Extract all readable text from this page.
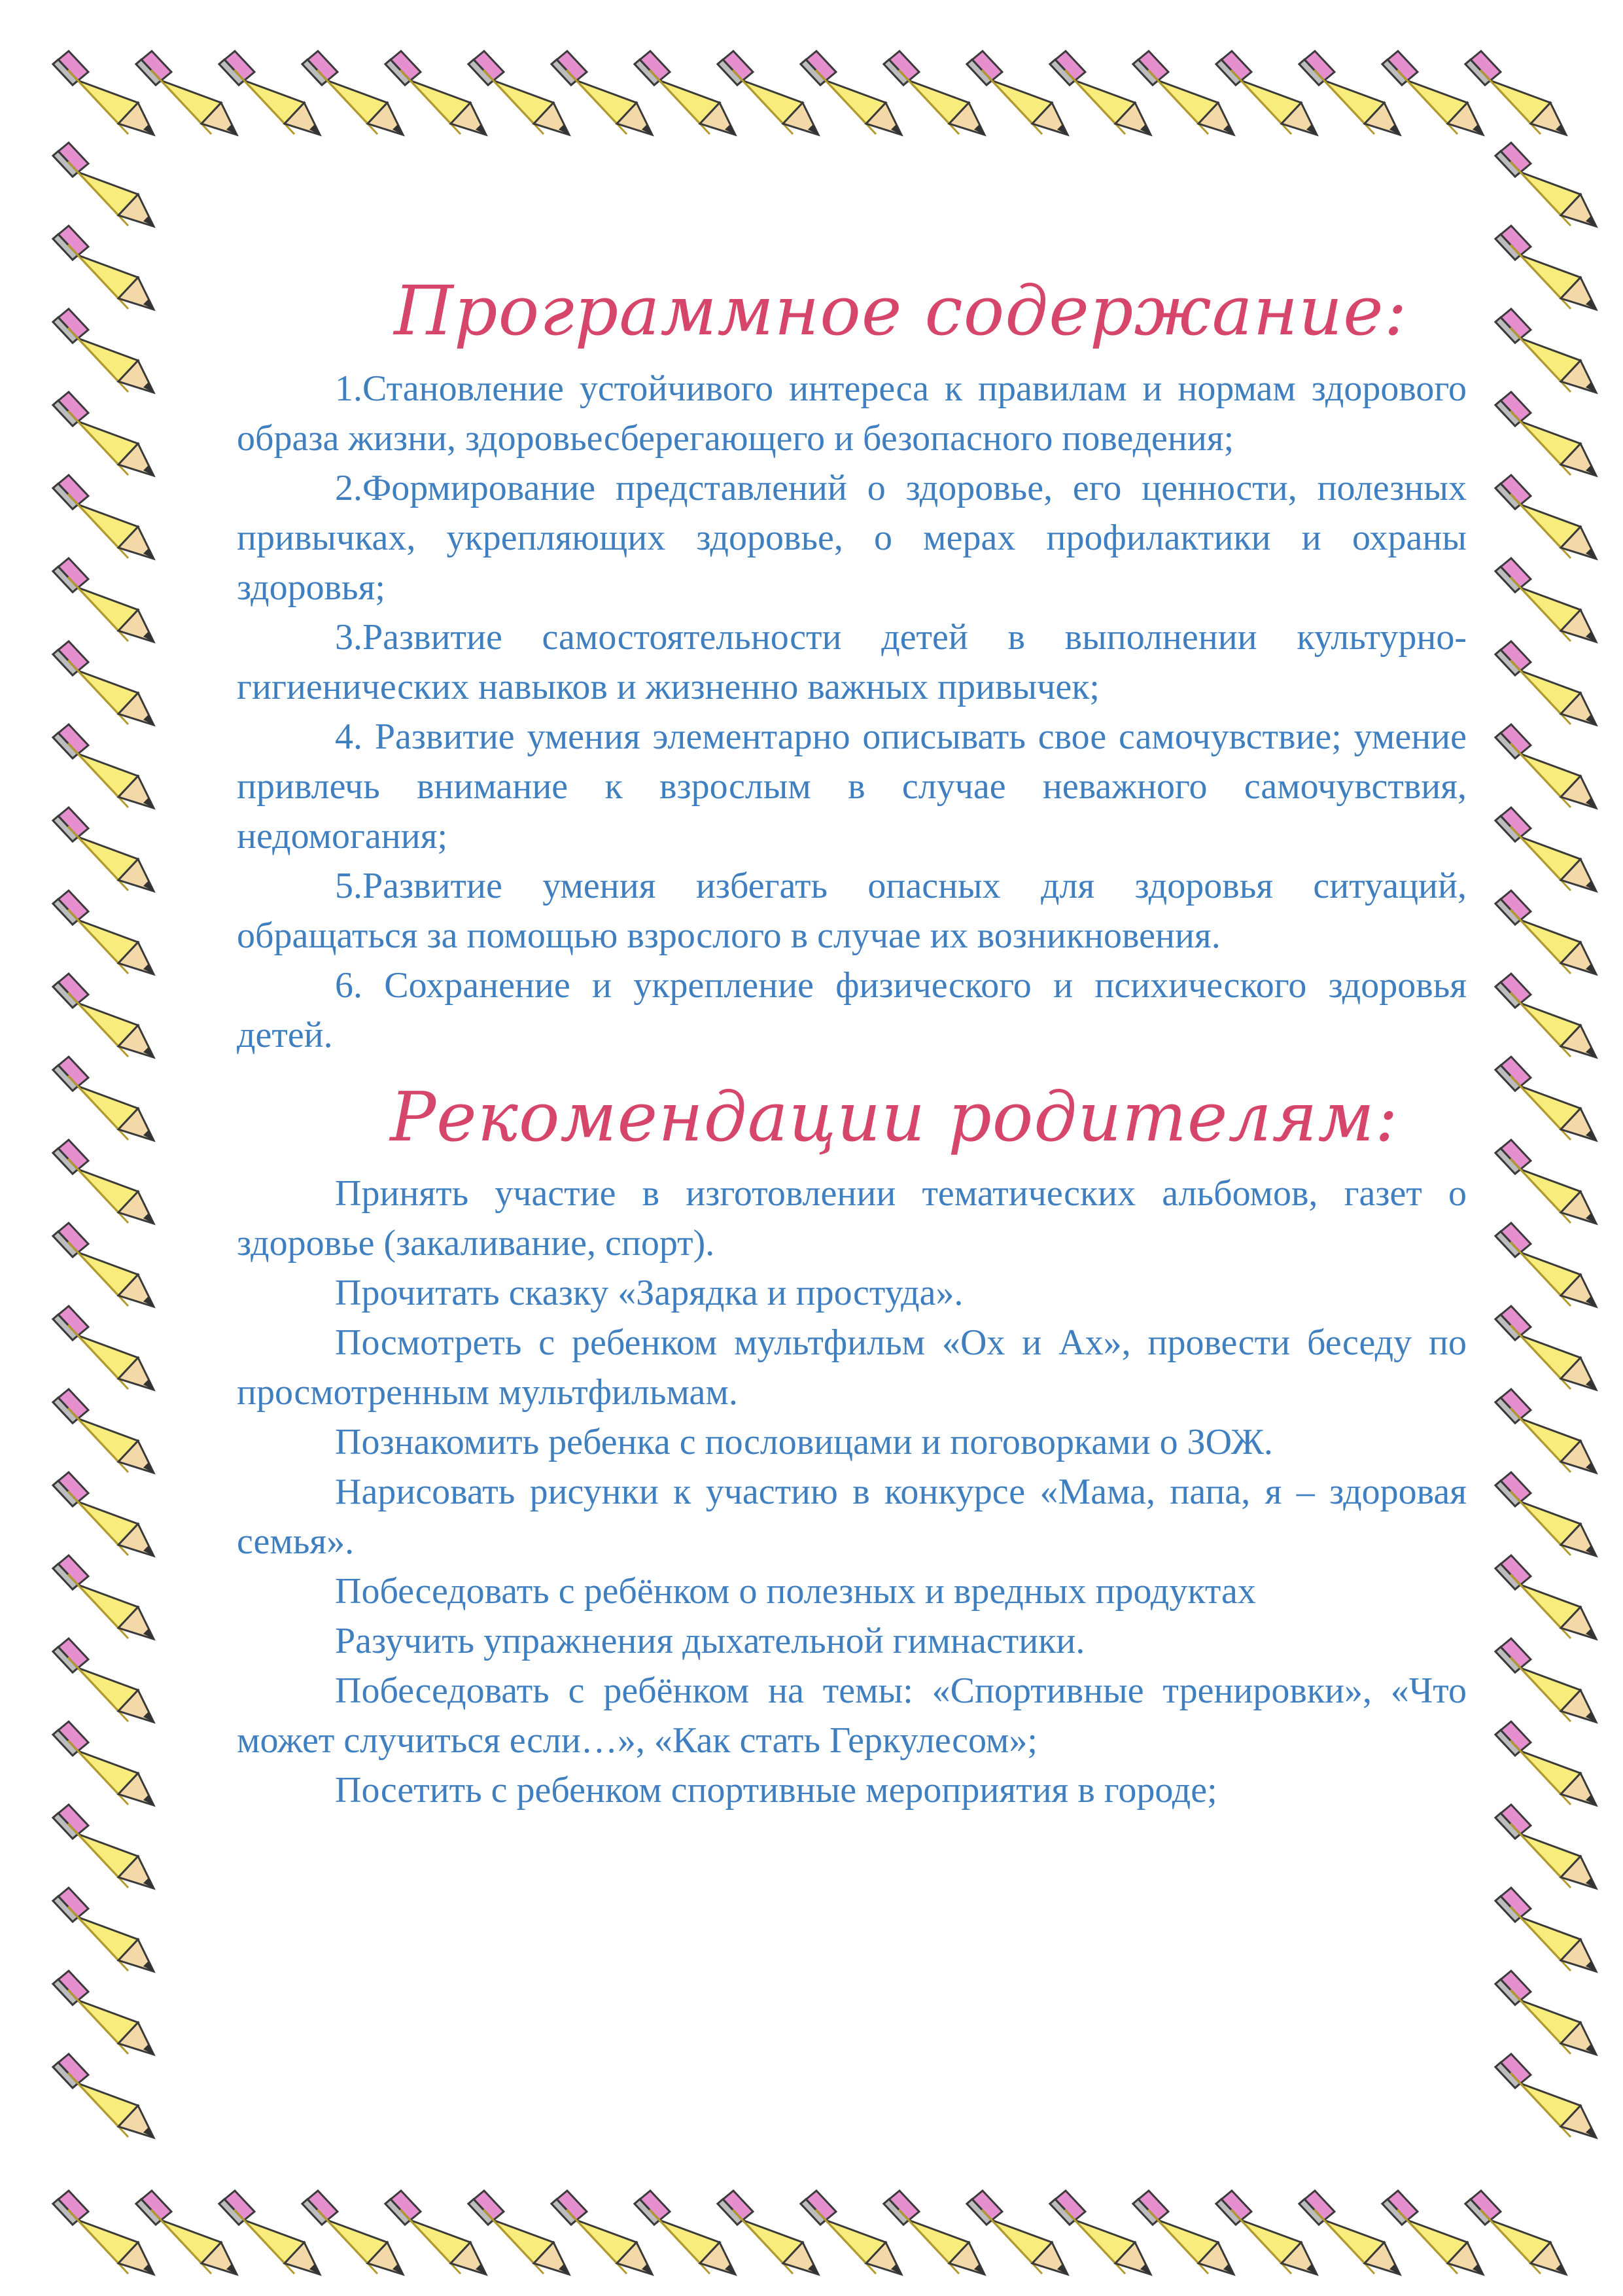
Программное содержание:

1.Становление устойчивого интереса к правилам и нормам здорового образа жизни, здоровьесберегающего и безопасного поведения;

2.Формирование представлений о здоровье, его ценности, полезных привычках, укрепляющих здоровье, о мерах профилактики и охраны здоровья;

3.Развитие самостоятельности детей в выполнении культурно-гигиенических навыков и жизненно важных привычек;

4. Развитие умения элементарно описывать свое самочувствие; умение привлечь внимание к взрослым в случае неважного самочувствия, недомогания;

5.Развитие умения избегать опасных для здоровья ситуаций, обращаться за помощью взрослого в случае их возникновения.

6. Сохранение и укрепление физического и психического здоровья детей.

Рекомендации родителям:

Принять участие в изготовлении тематических альбомов, газет о здоровье (закаливание, спорт).

Прочитать сказку «Зарядка и простуда».

Посмотреть с ребенком мультфильм «Ох и Ах», провести беседу по просмотренным мультфильмам.

Познакомить ребенка с пословицами и поговорками о ЗОЖ.

Нарисовать рисунки к участию в конкурсе «Мама, папа, я – здоровая семья».

Побеседовать с ребёнком о полезных и вредных продуктах

Разучить упражнения дыхательной гимнастики.

Побеседовать с ребёнком на темы: «Спортивные тренировки», «Что может случиться если…», «Как стать Геркулесом»;

Посетить с ребенком спортивные мероприятия в городе;
